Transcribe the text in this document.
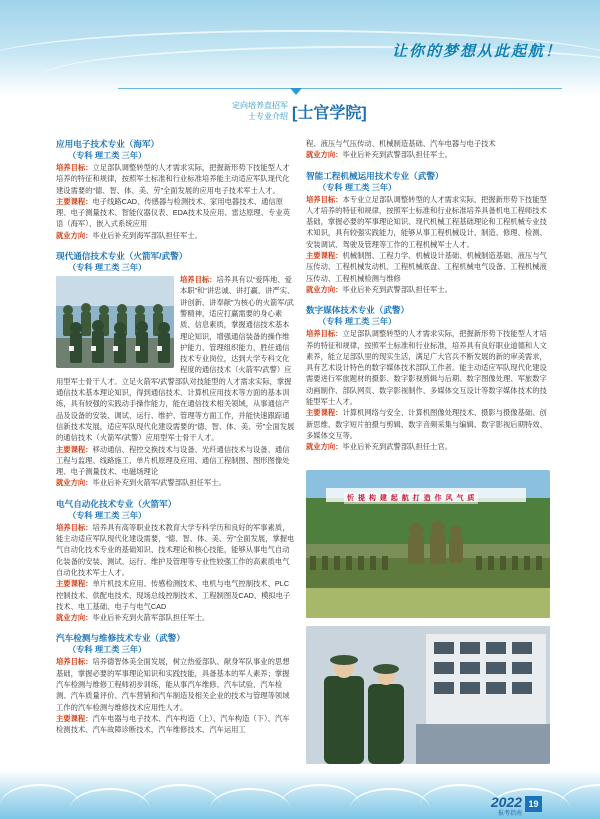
让你的梦想从此起航！
定向培养直招军士专业介绍 [士官学院]
应用电子技术专业（海军）
（专科 理工类 三年）

培养目标：立足部队调整转型的人才需求实际，把握新形势下技能型人才培养的特征和规律，按照军士标准和行业标准培养能主动适应军队现代化建设需要的“德、智、体、美、劳”全面发展的应用电子技术军士人才。

主要课程：电子线路CAD、传感器与检测技术、家用电器技术、通信原理、电子测量技术、智能仪器仪表、EDA技术及应用、雷达原理、专业英语（海军）、嵌入式系统应用

就业方向：毕业后补充到海军部队担任军士。

现代通信技术专业（火箭军/武警）
（专科 理工类 三年）

培养目标：培养具有以“爱阵地、爱本职”和“讲忠诚、讲打赢、讲严实、讲创新、讲奉献”为核心的火箭军/武警精神，适应打赢需要的身心素质、信息素质，掌握通信技术基本理论知识，增强通信装备的操作维护能力、管理组织能力，胜任通信技术专业岗位，达到大学专科文化程度的通信技术（火箭军/武警）应用型军士骨干人才。立足火箭军/武警部队对技能型的人才需求实际，掌握通信技术基本理论知识，得到通信技术、计算机应用技术等方面的基本训练，具有较强的实践动手操作能力，能在通信技术相关领域，从事通信产品及设备的安装、调试、运行、维护、管理等方面工作，并能快速跟踪通信新技术发展，适应军队现代化建设需要的“德、智、体、美、劳”全面发展的通信技术（火箭军/武警）应用型军士骨干人才。

主要课程：移动通信、程控交换技术与设备、光纤通信技术与设备、通信工程与监理、线路施工、单片机原理及应用、通信工程制图、图形图像处理、电子测量技术、电磁场理论

就业方向：毕业后补充到火箭军/武警部队担任军士。

电气自动化技术专业（火箭军）
（专科 理工类 三年）

培养目标：培养具有高等职业技术教育大学专科学历和良好的军事素质，能主动适应军队现代化建设需要，“德、智、体、美、劳”全面发展，掌握电气自动化技术专业的基础知识、技术理论和核心技能，能够从事电气自动化装备的安装、测试、运行、维护及管理等专业性较强工作的高素质电气自动化技术军士人才。

主要课程：单片机技术应用、传感检测技术、电机与电气控制技术、PLC控制技术、供配电技术、现场总线控制技术、工程制图及CAD、模拟电子技术、电工基础、电子与电气CAD

就业方向：毕业后补充到火箭军部队担任军士。

汽车检测与维修技术专业（武警）
（专科 理工类 三年）

培养目标：培养德智体美全面发展，树立热爱部队、献身军队事业的思想基础，掌握必要的军事理论知识和实践技能，具备基本的军人素养；掌握汽车检测与维修工程师初步训练，能从事汽车维修、汽车试验、汽车检测、汽车质量评价、汽车营销和汽车制造及相关企业的技术与管理等领域工作的汽车检测与维修技术应用性人才。

主要课程：汽车电器与电子技术、汽车构造（上）、汽车构造（下）、汽车检测技术、汽车故障诊断技术、汽车维修技术、汽车运用工

程、液压与气压传动、机械制造基础、汽车电器与电子技术

就业方向：毕业后补充到武警部队担任军士。

智能工程机械运用技术专业（武警）
（专科 理工类 三年）

培养目标：本专业立足部队调整转型的人才需求实际，把握新形势下技能型人才培养的特征和规律，按照军士标准和行业标准培养具备机电工程师技术基础，掌握必要的军事理论知识、现代机械工程基础理论和工程机械专业技术知识，具有较强实践能力，能够从事工程机械设计、制造、修理、检测、安装调试、驾驶及管理等工作的工程机械军士人才。

主要课程：机械制图、工程力学、机械设计基础、机械制造基础、液压与气压传动、工程机械发动机、工程机械底盘、工程机械电气设备、工程机械液压传动、工程机械检测与维修

就业方向：毕业后补充到武警部队担任军士。

数字媒体技术专业（武警）
（专科 理工类 三年）

培养目标：立足部队调整转型的人才需求实际，把握新形势下技能型人才培养的特征和规律，按照军士标准和行业标准，培养具有良好职业道德和人文素养，能立足部队里的现实生活，满足广大官兵不断发展的新的审美需求，具有艺术设计特色的数字媒体技术部队工作者。能主动适应军队现代化建设需要进行军旅题材的摄影、数字影视剪辑与后期、数字图像处理、军旅数字动画制作、部队网页、数字影视制作、多媒体交互设计等数字媒体技术的技能型军士人才。

主要课程：计算机网络与安全、计算机图像处理技术、摄影与摄像基础、创新思维、数字短片拍摄与剪辑、数字音频采集与编辑、数字影视后期特效、多媒体交互等。

就业方向：毕业后补充到武警部队担任士官。

忻 提 构 建 起 航 打 造 作 风 气 质
2022
报考指南
19
